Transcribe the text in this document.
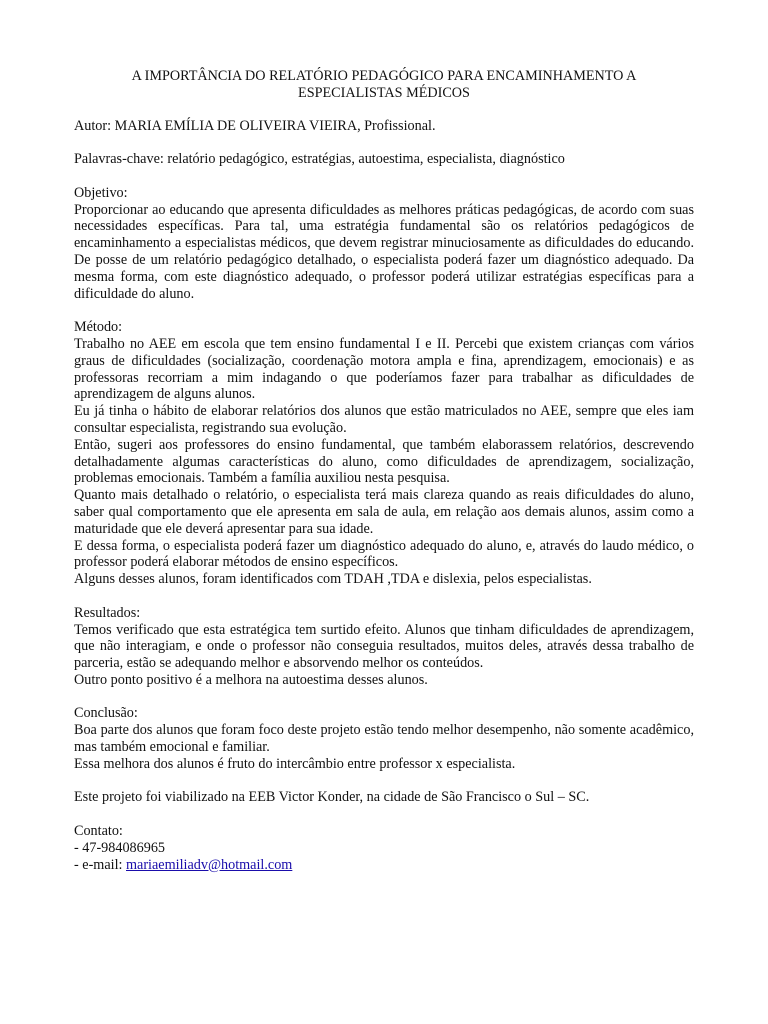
A IMPORTÂNCIA DO RELATÓRIO PEDAGÓGICO PARA ENCAMINHAMENTO A
ESPECIALISTAS MÉDICOS

Autor: MARIA EMÍLIA DE OLIVEIRA VIEIRA, Profissional.

Palavras-chave: relatório pedagógico, estratégias, autoestima, especialista, diagnóstico

Objetivo:

Proporcionar ao educando que apresenta dificuldades as melhores práticas pedagógicas, de acordo com suas necessidades específicas. Para tal, uma estratégia fundamental são os relatórios pedagógicos de encaminhamento a especialistas médicos, que devem registrar minuciosamente as dificuldades do educando. De posse de um relatório pedagógico detalhado, o especialista poderá fazer um diagnóstico adequado. Da mesma forma, com este diagnóstico adequado, o professor poderá utilizar estratégias específicas para a dificuldade do aluno.

Método:

Trabalho no AEE em escola que tem ensino fundamental I e II. Percebi que existem crianças com vários graus de dificuldades (socialização, coordenação motora ampla e fina, aprendizagem, emocionais) e as professoras recorriam a mim indagando o que poderíamos fazer para trabalhar as dificuldades de aprendizagem de alguns alunos.

Eu já tinha o hábito de elaborar relatórios dos alunos que estão matriculados no AEE, sempre que eles iam consultar especialista, registrando sua evolução.

Então, sugeri aos professores do ensino fundamental, que também elaborassem relatórios, descrevendo detalhadamente algumas características do aluno, como dificuldades de aprendizagem, socialização, problemas emocionais. Também a família auxiliou nesta pesquisa.

Quanto mais detalhado o relatório, o especialista terá mais clareza quando as reais dificuldades do aluno, saber qual comportamento que ele apresenta em sala de aula, em relação aos demais alunos, assim como a maturidade que ele deverá apresentar para sua idade.

E dessa forma, o especialista poderá fazer um diagnóstico adequado do aluno, e, através do laudo médico, o professor poderá elaborar métodos de ensino específicos.

Alguns desses alunos, foram identificados com TDAH ,TDA e dislexia, pelos especialistas.

Resultados:

Temos verificado que esta estratégica tem surtido efeito. Alunos que tinham dificuldades de aprendizagem, que não interagiam, e onde o professor não conseguia resultados, muitos deles, através dessa trabalho de parceria, estão se adequando melhor e absorvendo melhor os conteúdos.

Outro ponto positivo é a melhora na autoestima desses alunos.

Conclusão:

Boa parte dos alunos que foram foco deste projeto estão tendo melhor desempenho, não somente acadêmico, mas também emocional e familiar.

Essa melhora dos alunos é fruto do intercâmbio entre professor x especialista.

Este projeto foi viabilizado na EEB Victor Konder, na cidade de São Francisco o Sul – SC.

Contato:
- 47-984086965
- e-mail: mariaemiliadv@hotmail.com
